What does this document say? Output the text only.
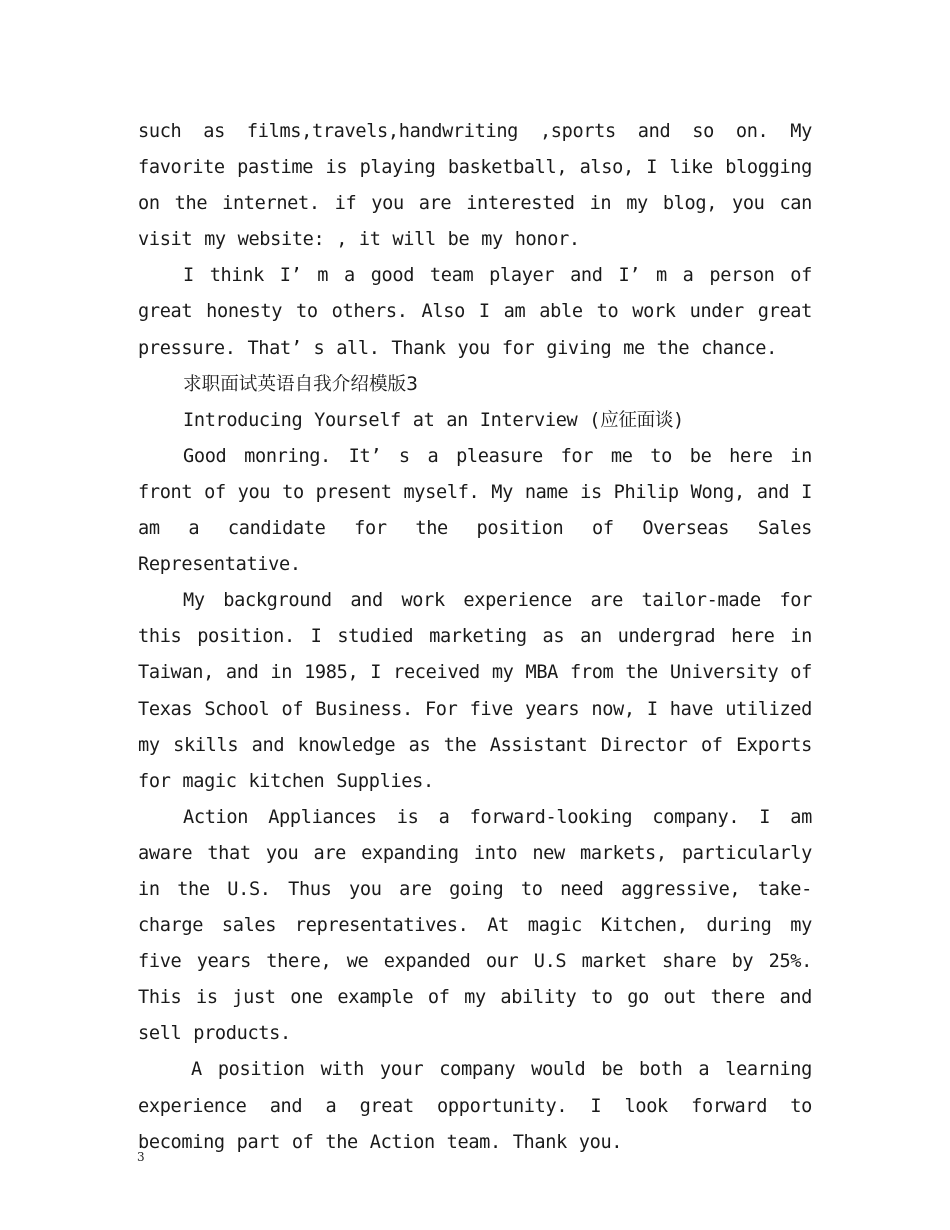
such as films,travels,handwriting ,sports and so on. My favorite pastime is playing basketball, also, I like blogging on the internet. if you are interested in my blog, you can visit my website: , it will be my honor.

I think I’ m a good team player and I’ m a person of great honesty to others. Also I am able to work under great pressure. That’ s all. Thank you for giving me the chance.

求职面试英语自我介绍模版3

Introducing Yourself at an Interview (应征面谈)

Good monring. It’ s a pleasure for me to be here in front of you to present myself. My name is Philip Wong, and I am a candidate for the position of Overseas Sales Representative.

My background and work experience are tailor-made for this position. I studied marketing as an undergrad here in Taiwan, and in 1985, I received my MBA from the University of Texas School of Business. For five years now, I have utilized my skills and knowledge as the Assistant Director of Exports for magic kitchen Supplies.

Action Appliances is a forward-looking company. I am aware that you are expanding into new markets, particularly in the U.S. Thus you are going to need aggressive, take-charge sales representatives. At magic Kitchen, during my five years there, we expanded our U.S market share by 25%. This is just one example of my ability to go out there and sell products.

A position with your company would be both a learning experience and a great opportunity. I look forward to becoming part of the Action team. Thank you.

3
